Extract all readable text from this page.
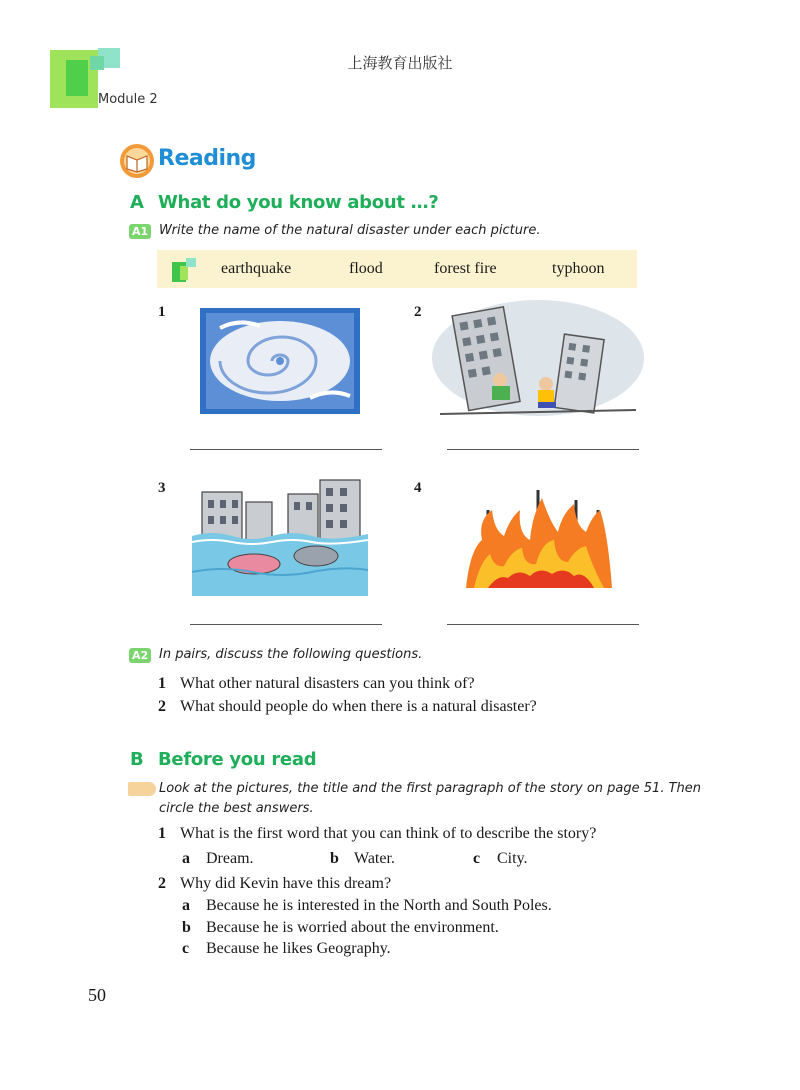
上海教育出版社
Module 2
Reading
A What do you know about …?
A1 Write the name of the natural disaster under each picture.
earthquake	flood	forest fire	typhoon
1	2
3	4
A2 In pairs, discuss the following questions.
1 What other natural disasters can you think of?
2 What should people do when there is a natural disaster?
B Before you read
Look at the pictures, the title and the first paragraph of the story on page 51. Then
circle the best answers.
1 What is the first word that you can think of to describe the story?
a Dream.	b Water.	c City.
2 Why did Kevin have this dream?
a Because he is interested in the North and South Poles.
b Because he is worried about the environment.
c Because he likes Geography.
50
